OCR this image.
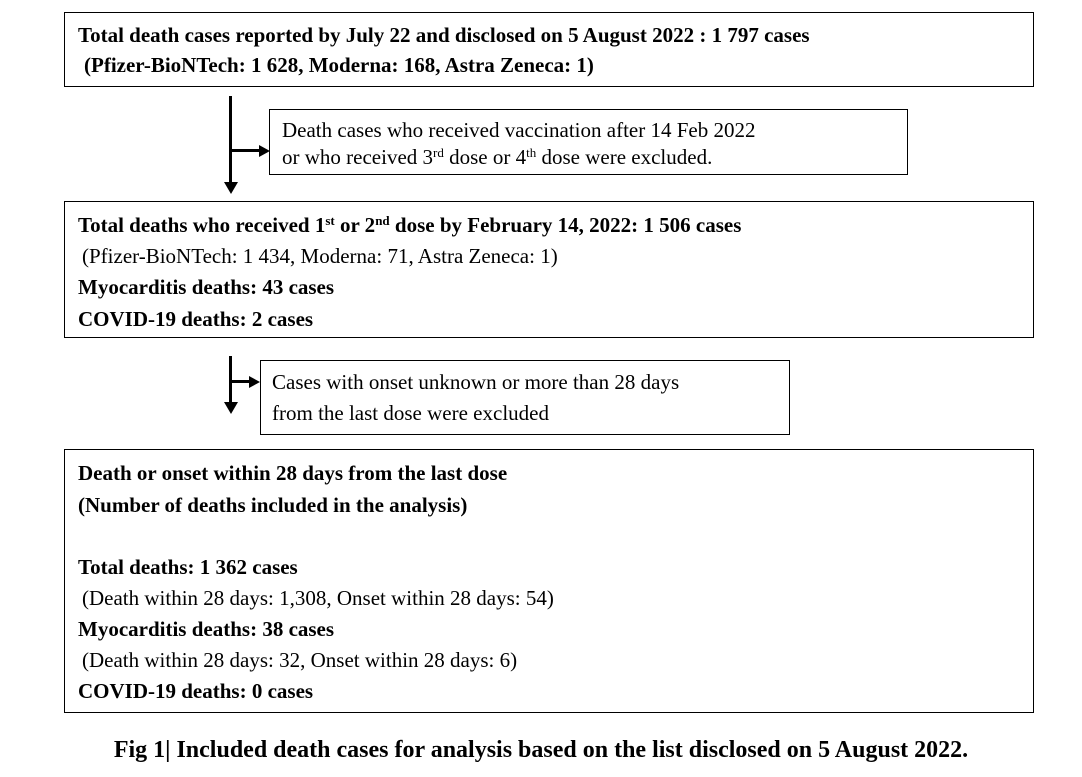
Total death cases reported by July 22 and disclosed on 5 August 2022 : 1 797 cases
(Pfizer-BioNTech: 1 628, Moderna: 168, Astra Zeneca: 1)
Death cases who received vaccination after 14 Feb 2022
or who received 3rd dose or 4th dose were excluded.
Total deaths who received 1st or 2nd dose by February 14, 2022: 1 506 cases
(Pfizer-BioNTech: 1 434, Moderna: 71, Astra Zeneca: 1)
Myocarditis deaths: 43 cases
COVID-19 deaths: 2 cases
Cases with onset unknown or more than 28 days
from the last dose were excluded
Death or onset within 28 days from the last dose
(Number of deaths included in the analysis)
Total deaths: 1 362 cases
(Death within 28 days: 1,308, Onset within 28 days: 54)
Myocarditis deaths: 38 cases
(Death within 28 days: 32, Onset within 28 days: 6)
COVID-19 deaths: 0 cases
Fig 1| Included death cases for analysis based on the list disclosed on 5 August 2022.
